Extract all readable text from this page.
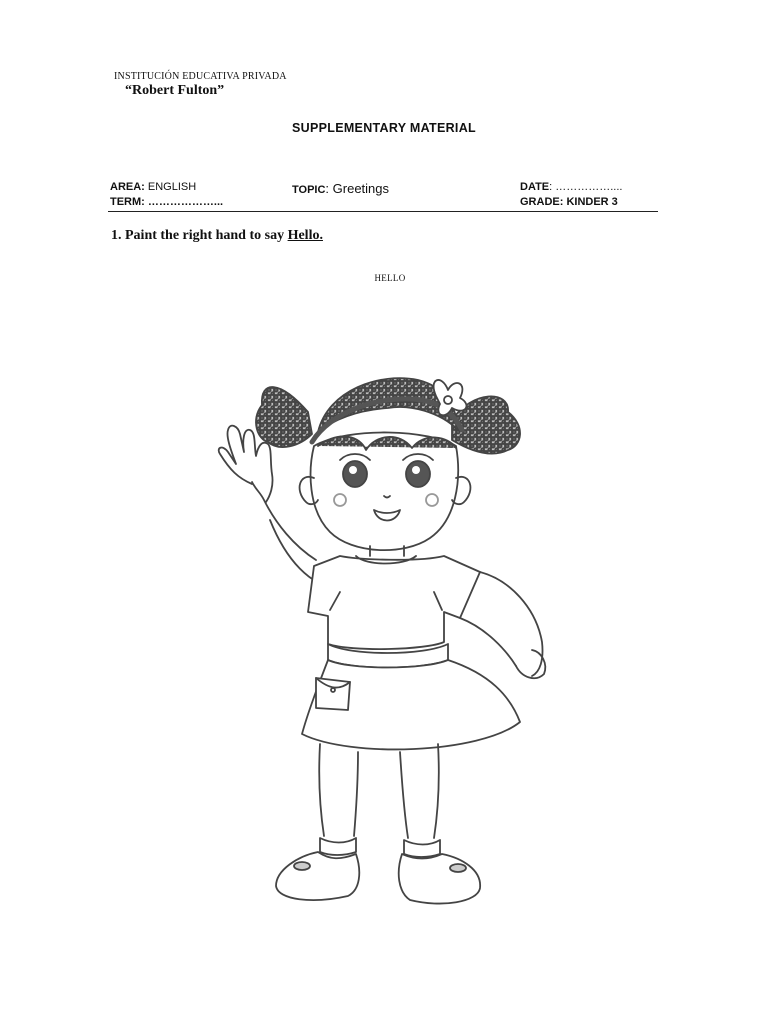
INSTITUCIÓN EDUCATIVA PRIVADA
“Robert Fulton”
SUPPLEMENTARY MATERIAL
AREA: ENGLISH	TOPIC: Greetings	DATE: ……………....
TERM: ………………...	GRADE: KINDER 3
1. Paint the right hand to say Hello.
HELLO
